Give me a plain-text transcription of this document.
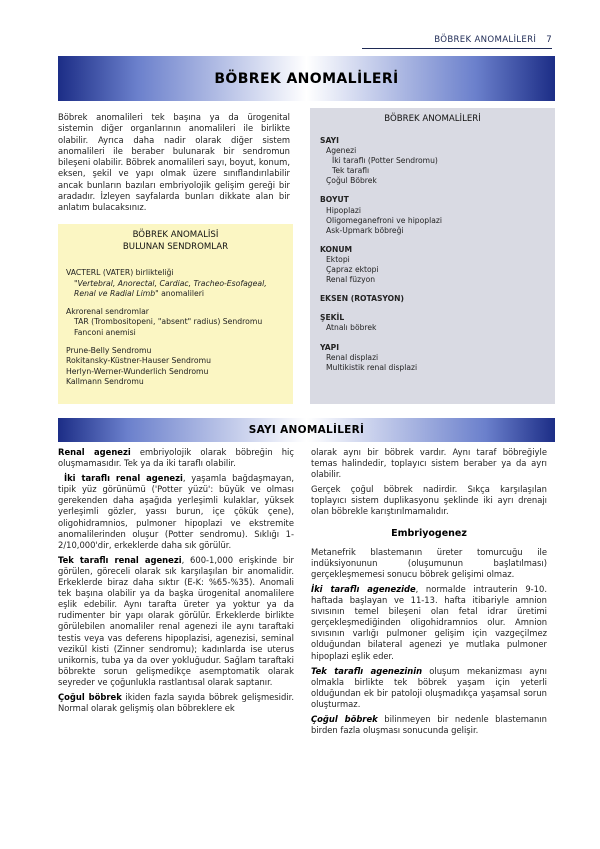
BÖBREK ANOMALİLERİ 7
BÖBREK ANOMALİLERİ
Böbrek anomalileri tek başına ya da ürogenital sistemin diğer organlarının anomalileri ile birlikte olabilir. Ayrıca daha nadir olarak diğer sistem anomalileri ile beraber bulunarak bir sendromun bileşeni olabilir. Böbrek anomalileri sayı, boyut, konum, eksen, şekil ve yapı olmak üzere sınıflandırılabilir ancak bunların bazıları embriyolojik gelişim gereği bir aradadır. İzleyen sayfalarda bunları dikkate alan bir anlatım bulacaksınız.
BÖBREK ANOMALİSİ
BULUNAN SENDROMLAR
VACTERL (VATER) birlikteliği
"Vertebral, Anorectal, Cardiac, Tracheo-Esofageal, Renal ve Radial Limb" anomalileri
Akrorenal sendromlar
TAR (Trombositopeni, "absent" radius) Sendromu
Fanconi anemisi
Prune-Belly Sendromu
Rokitansky-Küstner-Hauser Sendromu
Herlyn-Werner-Wunderlich Sendromu
Kallmann Sendromu
BÖBREK ANOMALİLERİ
SAYI
Agenezi
İki taraflı (Potter Sendromu)
Tek taraflı
Çoğul Böbrek
BOYUT
Hipoplazi
Oligomeganefroni ve hipoplazi
Ask-Upmark böbreği
KONUM
Ektopi
Çapraz ektopi
Renal füzyon
EKSEN (ROTASYON)
ŞEKİL
Atnalı böbrek
YAPI
Renal displazi
Multikistik renal displazi
SAYI ANOMALİLERİ

Renal agenezi embriyolojik olarak böbreğin hiç oluşmamasıdır. Tek ya da iki taraflı olabilir.

İki taraflı renal agenezi, yaşamla bağdaşmayan, tipik yüz görünümü ('Potter yüzü': büyük ve olması gerekenden daha aşağıda yerleşimli kulaklar, yüksek yerleşimli gözler, yassı burun, içe çökük çene), oligohidramnios, pulmoner hipoplazi ve ekstremite anomalilerinden oluşur (Potter sendromu). Sıklığı 1-2/10,000'dir, erkeklerde daha sık görülür.

Tek taraflı renal agenezi, 600-1,000 erişkinde bir görülen, göreceli olarak sık karşılaşılan bir anomalidir. Erkeklerde biraz daha sıktır (E-K: %65-%35). Anomali tek başına olabilir ya da başka ürogenital anomalilere eşlik edebilir. Aynı tarafta üreter ya yoktur ya da rudimenter bir yapı olarak görülür. Erkeklerde birlikte görülebilen anomaliler renal agenezi ile aynı taraftaki testis veya vas deferens hipoplazisi, agenezisi, seminal vezikül kisti (Zinner sendromu); kadınlarda ise uterus unikornis, tuba ya da over yokluğudur. Sağlam taraftaki böbrekte sorun gelişmedikçe asemptomatik olarak seyreder ve çoğunlukla rastlantısal olarak saptanır.

Çoğul böbrek ikiden fazla sayıda böbrek gelişmesidir. Normal olarak gelişmiş olan böbreklere ek

olarak aynı bir böbrek vardır. Aynı taraf böbreğiyle temas halindedir, toplayıcı sistem beraber ya da ayrı olabilir.

Gerçek çoğul böbrek nadirdir. Sıkça karşılaşılan toplayıcı sistem duplikasyonu şeklinde iki ayrı drenajı olan böbrekle karıştırılmamalıdır.

Embriyogenez

Metanefrik blastemanın üreter tomurcuğu ile indüksiyonunun (oluşumunun başlatılması) gerçekleşmemesi sonucu böbrek gelişimi olmaz.

İki taraflı agenezide, normalde intrauterin 9-10. haftada başlayan ve 11-13. hafta itibariyle amnion sıvısının temel bileşeni olan fetal idrar üretimi gerçekleşmediğinden oligohidramnios olur. Amnion sıvısının varlığı pulmoner gelişim için vazgeçilmez olduğundan bilateral agenezi ye mutlaka pulmoner hipoplazi eşlik eder.

Tek taraflı agenezinin oluşum mekanizması aynı olmakla birlikte tek böbrek yaşam için yeterli olduğundan ek bir patoloji oluşmadıkça yaşamsal sorun oluşturmaz.

Çoğul böbrek bilinmeyen bir nedenle blastemanın birden fazla oluşması sonucunda gelişir.
